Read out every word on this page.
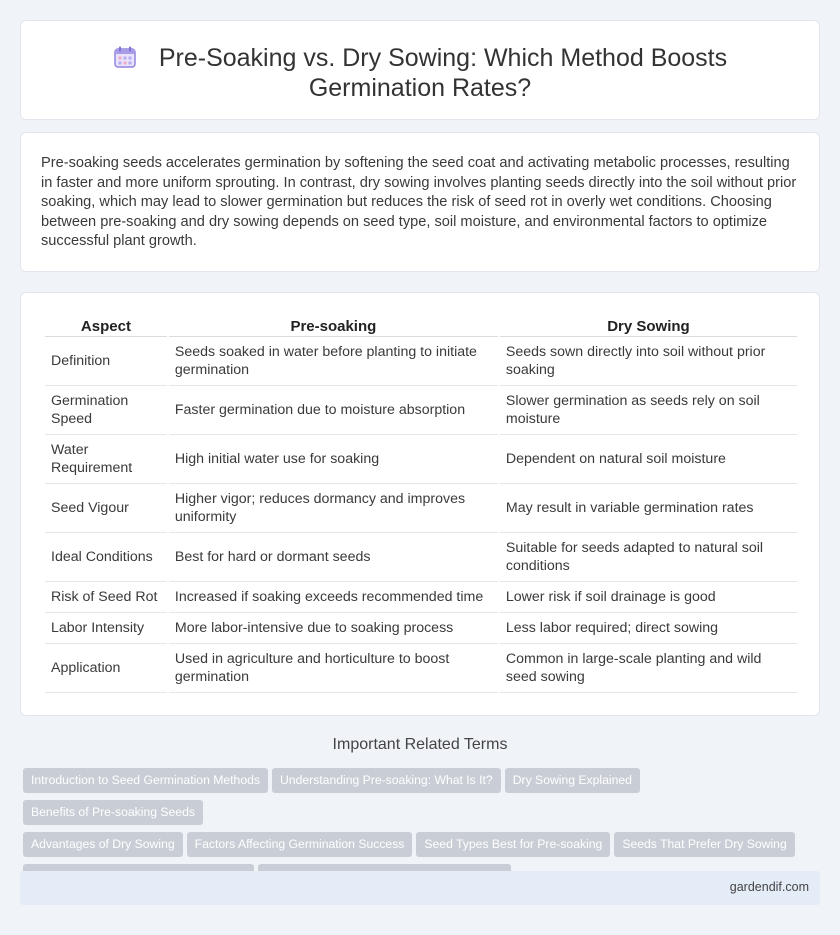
Pre-Soaking vs. Dry Sowing: Which Method Boosts Germination Rates?

Pre-soaking seeds accelerates germination by softening the seed coat and activating metabolic processes, resulting in faster and more uniform sprouting. In contrast, dry sowing involves planting seeds directly into the soil without prior soaking, which may lead to slower germination but reduces the risk of seed rot in overly wet conditions. Choosing between pre-soaking and dry sowing depends on seed type, soil moisture, and environmental factors to optimize successful plant growth.

Aspect	Pre-soaking	Dry Sowing
Definition	Seeds soaked in water before planting to initiate germination	Seeds sown directly into soil without prior soaking
Germination Speed	Faster germination due to moisture absorption	Slower germination as seeds rely on soil moisture
Water Requirement	High initial water use for soaking	Dependent on natural soil moisture
Seed Vigour	Higher vigor; reduces dormancy and improves uniformity	May result in variable germination rates
Ideal Conditions	Best for hard or dormant seeds	Suitable for seeds adapted to natural soil conditions
Risk of Seed Rot	Increased if soaking exceeds recommended time	Lower risk if soil drainage is good
Labor Intensity	More labor-intensive due to soaking process	Less labor required; direct sowing
Application	Used in agriculture and horticulture to boost germination	Common in large-scale planting and wild seed sowing
Important Related Terms
Introduction to Seed Germination Methods Understanding Pre-soaking: What Is It? Dry Sowing ExplainedBenefits of Pre-soaking Seeds
Advantages of Dry Sowing Factors Affecting Germination Success Seed Types Best for Pre-soaking Seeds That Prefer Dry Sowing

gardendif.com
